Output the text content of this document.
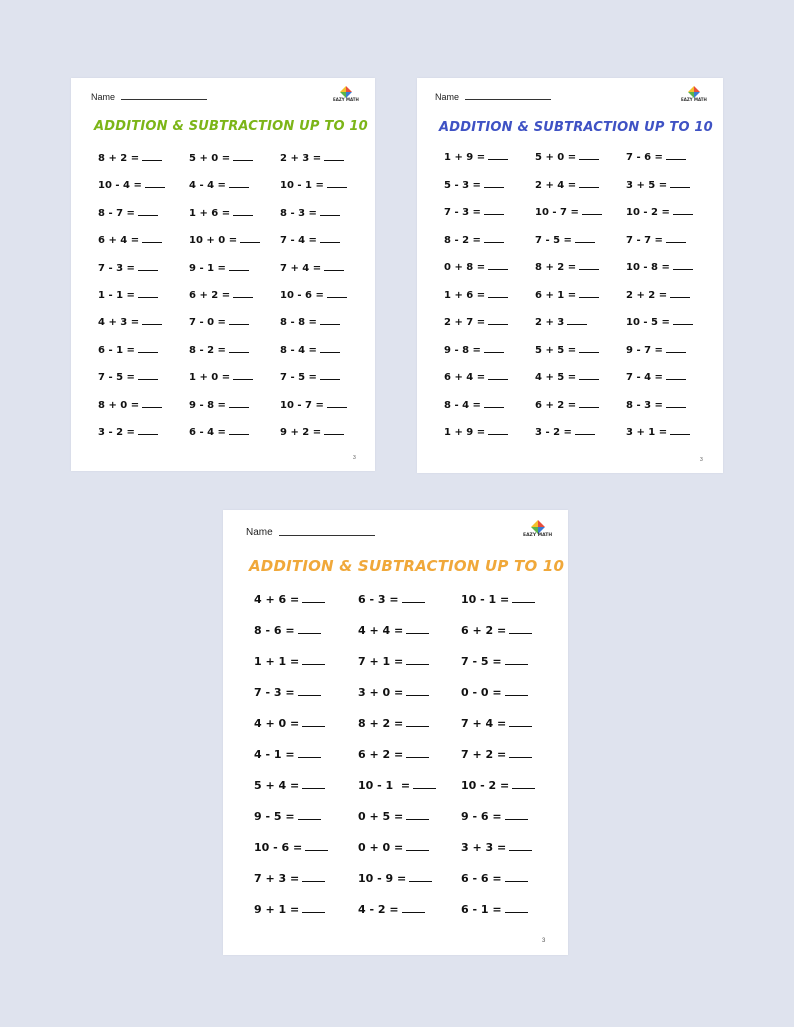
Name	EAZY MATH
ADDITION & SUBTRACTION UP TO 10
8 + 2 =	5 + 0 =	2 + 3 =
10 - 4 =	4 - 4 =	10 - 1 =
8 - 7 =	1 + 6 =	8 - 3 =
6 + 4 =	10 + 0 =	7 - 4 =
7 - 3 =	9 - 1 =	7 + 4 =
1 - 1 =	6 + 2 =	10 - 6 =
4 + 3 =	7 - 0 =	8 - 8 =
6 - 1 =	8 - 2 =	8 - 4 =
7 - 5 =	1 + 0 =	7 - 5 =
8 + 0 =	9 - 8 =	10 - 7 =
3 - 2 =	6 - 4 =	9 + 2 =
3
Name	EAZY MATH
ADDITION & SUBTRACTION UP TO 10
1 + 9 =	5 + 0 =	7 - 6 =
5 - 3 =	2 + 4 =	3 + 5 =
7 - 3 =	10 - 7 =	10 - 2 =
8 - 2 =	7 - 5 =	7 - 7 =
0 + 8 =	8 + 2 =	10 - 8 =
1 + 6 =	6 + 1 =	2 + 2 =
2 + 7 =	2 + 3	10 - 5 =
9 - 8 =	5 + 5 =	9 - 7 =
6 + 4 =	4 + 5 =	7 - 4 =
8 - 4 =	6 + 2 =	8 - 3 =
1 + 9 =	3 - 2 =	3 + 1 =
3
Name	EAZY MATH
ADDITION & SUBTRACTION UP TO 10
4 + 6 =	6 - 3 =	10 - 1 =
8 - 6 =	4 + 4 =	6 + 2 =
1 + 1 =	7 + 1 =	7 - 5 =
7 - 3 =	3 + 0 =	0 - 0 =
4 + 0 =	8 + 2 =	7 + 4 =
4 - 1 =	6 + 2 =	7 + 2 =
5 + 4 =	10 - 1  =	10 - 2 =
9 - 5 =	0 + 5 =	9 - 6 =
10 - 6 =	0 + 0 =	3 + 3 =
7 + 3 =	10 - 9 =	6 - 6 =
9 + 1 =	4 - 2 =	6 - 1 =
3
